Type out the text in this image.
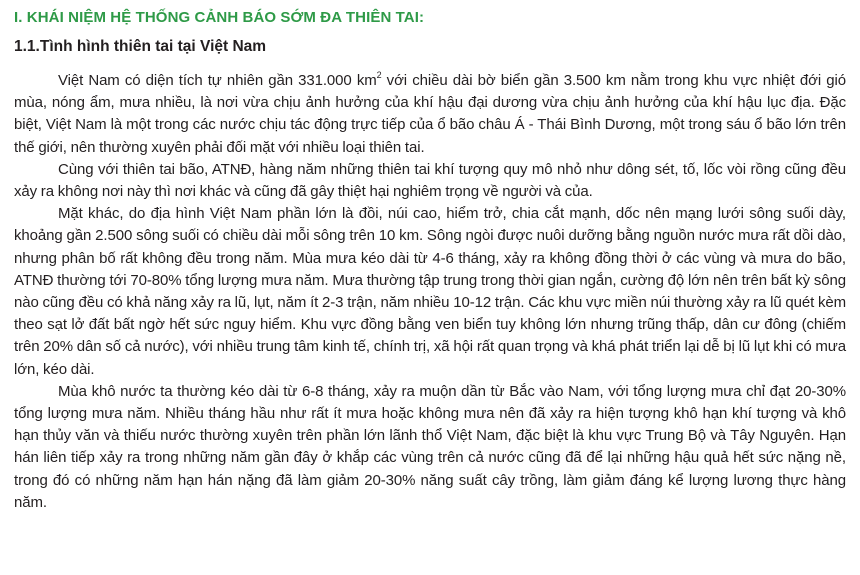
I. KHÁI NIỆM HỆ THỐNG CẢNH BÁO SỚM ĐA THIÊN TAI:
1.1.Tình hình thiên tai tại Việt Nam

Việt Nam có diện tích tự nhiên gần 331.000 $km^2$ với chiều dài bờ biển gần 3.500 km nằm trong khu vực nhiệt đới gió mùa, nóng ẩm, mưa nhiều, là nơi vừa chịu ảnh hưởng của khí hậu đại dương vừa chịu ảnh hưởng của khí hậu lục địa. Đặc biệt, Việt Nam là một trong các nước chịu tác động trực tiếp của ổ bão châu Á - Thái Bình Dương, một trong sáu ổ bão lớn trên thế giới, nên thường xuyên phải đối mặt với nhiều loại thiên tai.

Cùng với thiên tai bão, ATNĐ, hàng năm những thiên tai khí tượng quy mô nhỏ như dông sét, tố, lốc vòi rồng cũng đều xảy ra không nơi này thì nơi khác và cũng đã gây thiệt hại nghiêm trọng về người và của.

Mặt khác, do địa hình Việt Nam phần lớn là đồi, núi cao, hiểm trở, chia cắt mạnh, dốc nên mạng lưới sông suối dày, khoảng gần 2.500 sông suối có chiều dài mỗi sông trên 10 km. Sông ngòi được nuôi dưỡng bằng nguồn nước mưa rất dồi dào, nhưng phân bố rất không đều trong năm. Mùa mưa kéo dài từ 4-6 tháng, xảy ra không đồng thời ở các vùng và mưa do bão, ATNĐ thường tới 70-80% tổng lượng mưa năm. Mưa thường tập trung trong thời gian ngắn, cường độ lớn nên trên bất kỳ sông nào cũng đều có khả năng xảy ra lũ, lụt, năm ít 2-3 trận, năm nhiều 10-12 trận. Các khu vực miền núi thường xảy ra lũ quét kèm theo sạt lở đất bất ngờ hết sức nguy hiểm. Khu vực đồng bằng ven biển tuy không lớn nhưng trũng thấp, dân cư đông (chiếm trên 20% dân số cả nước), với nhiều trung tâm kinh tế, chính trị, xã hội rất quan trọng và khá phát triển lại dễ bị lũ lụt khi có mưa lớn, kéo dài.

Mùa khô nước ta thường kéo dài từ 6-8 tháng, xảy ra muộn dần từ Bắc vào Nam, với tổng lượng mưa chỉ đạt 20-30% tổng lượng mưa năm. Nhiều tháng hầu như rất ít mưa hoặc không mưa nên đã xảy ra hiện tượng khô hạn khí tượng và khô hạn thủy văn và thiếu nước thường xuyên trên phần lớn lãnh thổ Việt Nam, đặc biệt là khu vực Trung Bộ và Tây Nguyên. Hạn hán liên tiếp xảy ra trong những năm gần đây ở khắp các vùng trên cả nước cũng đã để lại những hậu quả hết sức nặng nề, trong đó có những năm hạn hán nặng đã làm giảm 20-30% năng suất cây trồng, làm giảm đáng kể lượng lương thực hàng năm.
